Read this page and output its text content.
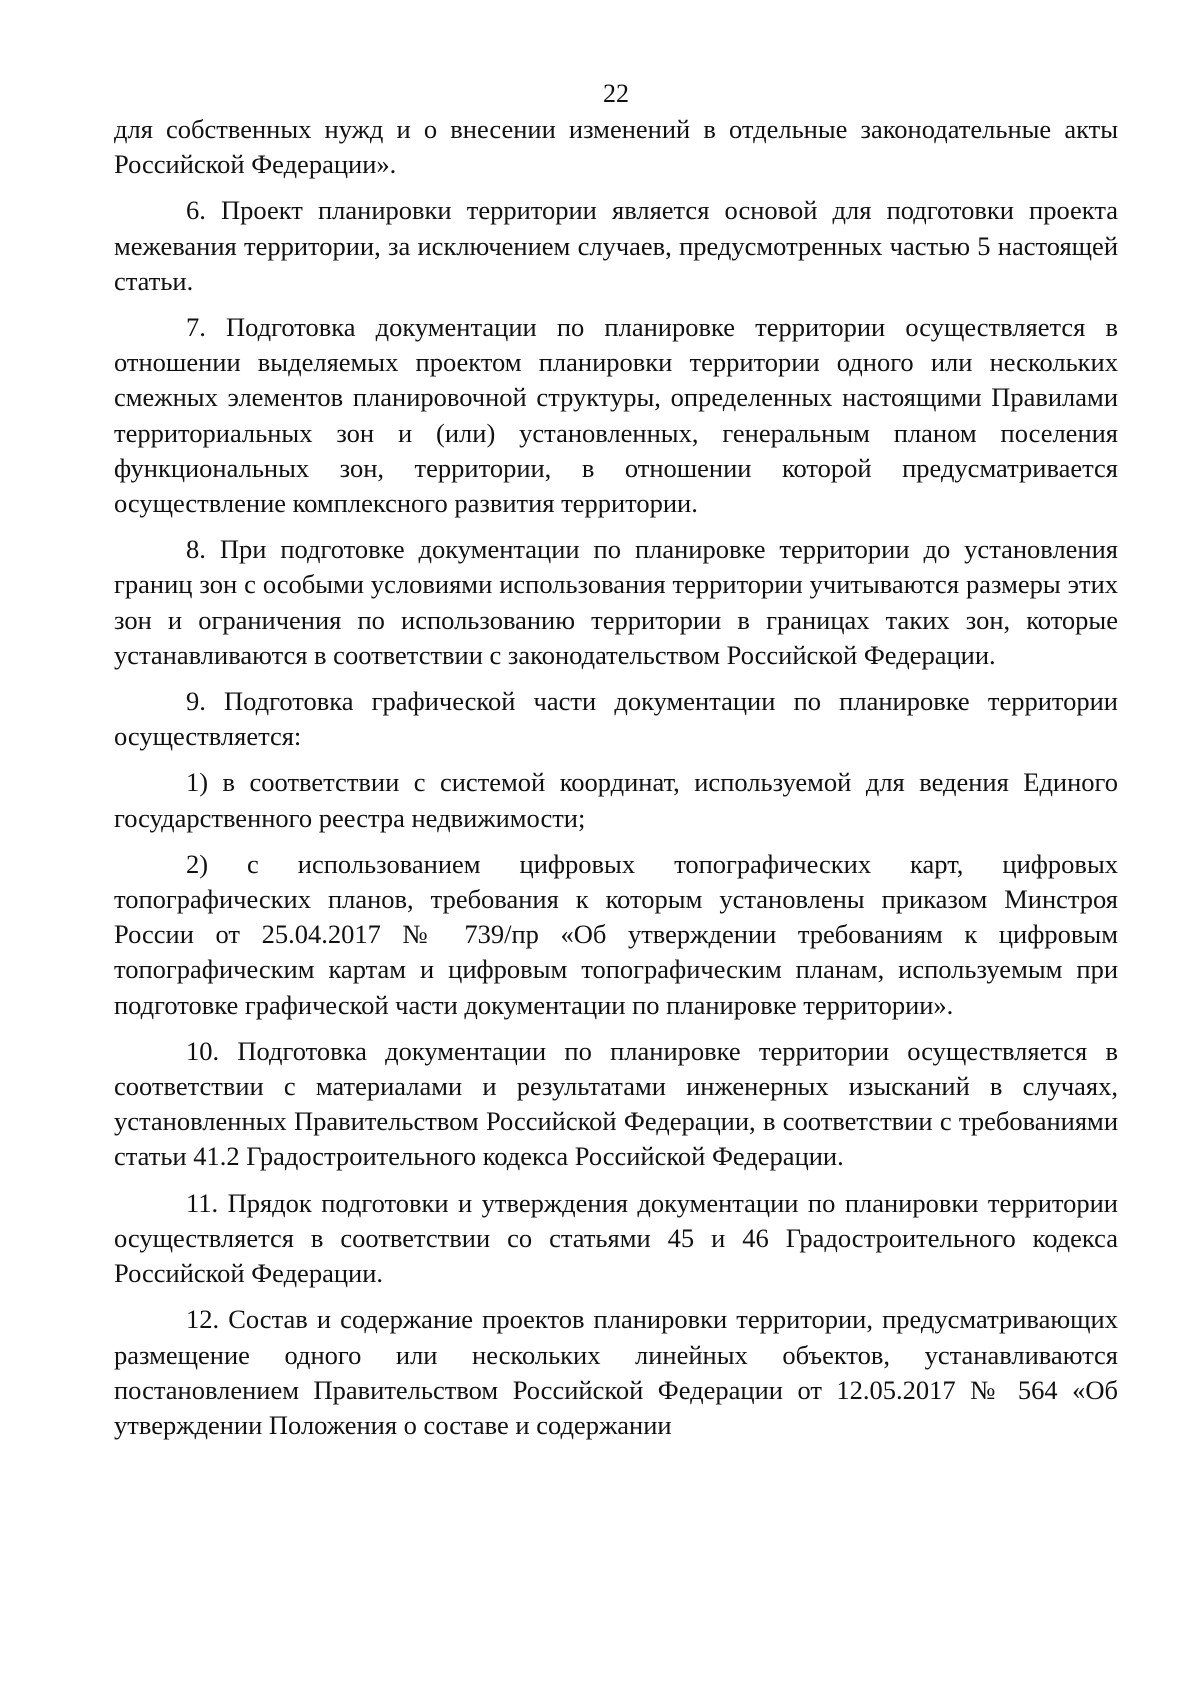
22

для собственных нужд и о внесении изменений в отдельные законодательные акты Российской Федерации».

6. Проект планировки территории является основой для подготовки проекта межевания территории, за исключением случаев, предусмотренных частью 5 настоящей статьи.

7. Подготовка документации по планировке территории осуществляется в отношении выделяемых проектом планировки территории одного или нескольких смежных элементов планировочной структуры, определенных настоящими Правилами территориальных зон и (или) установленных, генеральным планом поселения функциональных зон, территории, в отношении которой предусматривается осуществление комплексного развития территории.

8. При подготовке документации по планировке территории до установления границ зон с особыми условиями использования территории учитываются размеры этих зон и ограничения по использованию территории в границах таких зон, которые устанавливаются в соответствии с законодательством Российской Федерации.

9. Подготовка графической части документации по планировке территории осуществляется:

1) в соответствии с системой координат, используемой для ведения Единого государственного реестра недвижимости;

2) с использованием цифровых топографических карт, цифровых топографических планов, требования к которым установлены приказом Минстроя России от 25.04.2017 № 739/пр «Об утверждении требованиям к цифровым топографическим картам и цифровым топографическим планам, используемым при подготовке графической части документации по планировке территории».

10. Подготовка документации по планировке территории осуществляется в соответствии с материалами и результатами инженерных изысканий в случаях, установленных Правительством Российской Федерации, в соответствии с требованиями статьи 41.2 Градостроительного кодекса Российской Федерации.

11. Прядок подготовки и утверждения документации по планировки территории осуществляется в соответствии со статьями 45 и 46 Градостроительного кодекса Российской Федерации.

12. Состав и содержание проектов планировки территории, предусматривающих размещение одного или нескольких линейных объектов, устанавливаются постановлением Правительством Российской Федерации от 12.05.2017 № 564 «Об утверждении Положения о составе и содержании
